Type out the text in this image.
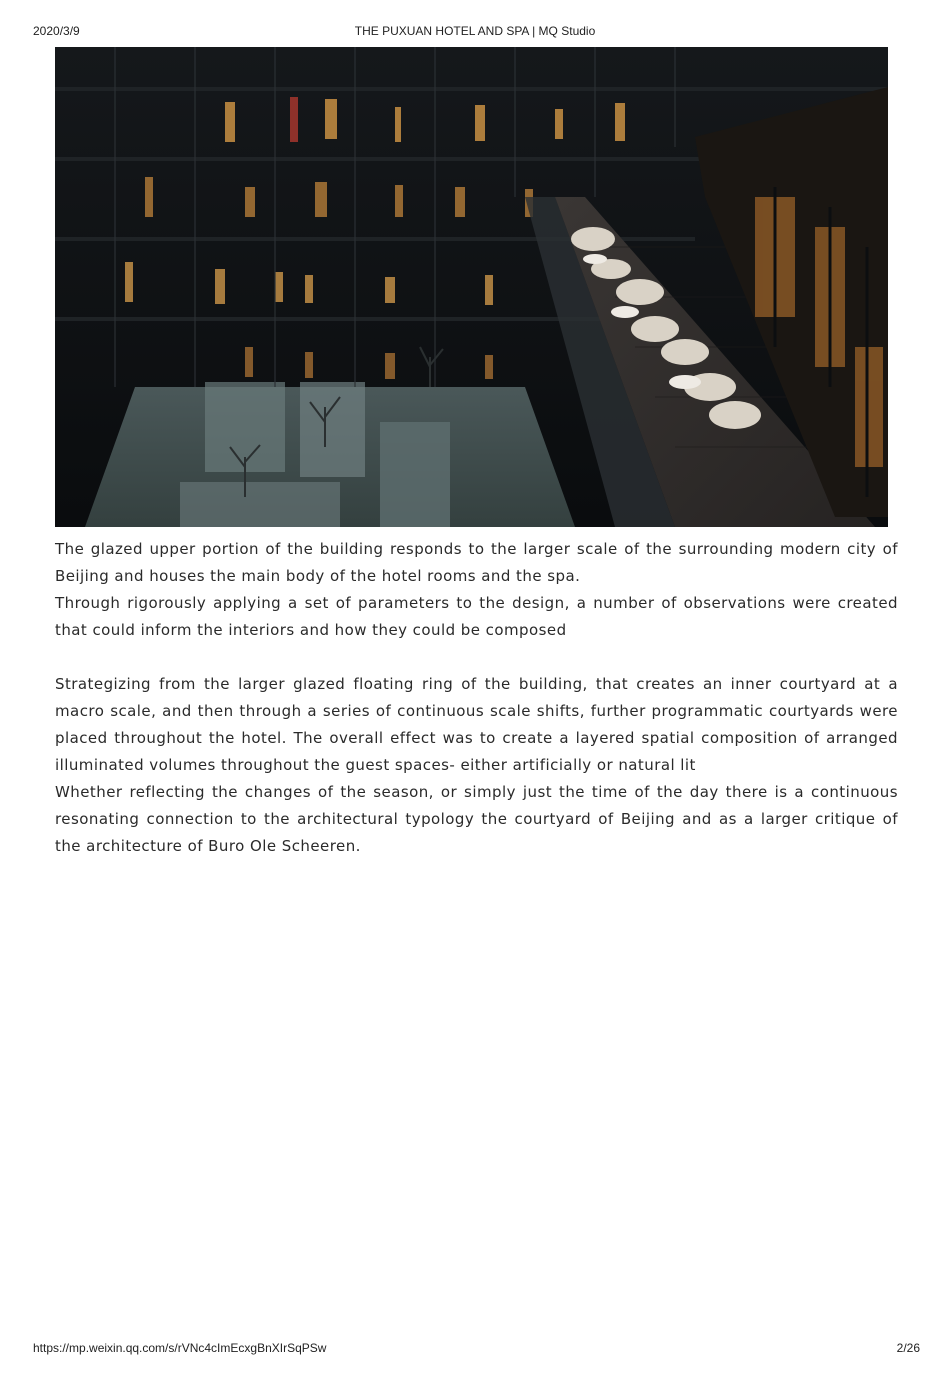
2020/3/9	THE PUXUAN HOTEL AND SPA | MQ Studio

The glazed upper portion of the building responds to the larger scale of the surrounding modern city of Beijing and houses the main body of the hotel rooms and the spa.

Through rigorously applying a set of parameters to the design, a number of observations were created that could inform the interiors and how they could be composed

Strategizing from the larger glazed floating ring of the building, that creates an inner courtyard at a macro scale, and then through a series of continuous scale shifts, further programmatic courtyards were placed throughout the hotel. The overall effect was to create a layered spatial composition of arranged illuminated volumes throughout the guest spaces- either artificially or natural lit

Whether reflecting the changes of the season, or simply just the time of the day there is a continuous resonating connection to the architectural typology the courtyard of Beijing and as a larger critique of the architecture of Buro Ole Scheeren.

https://mp.weixin.qq.com/s/rVNc4cImEcxgBnXIrSqPSw	2/26
